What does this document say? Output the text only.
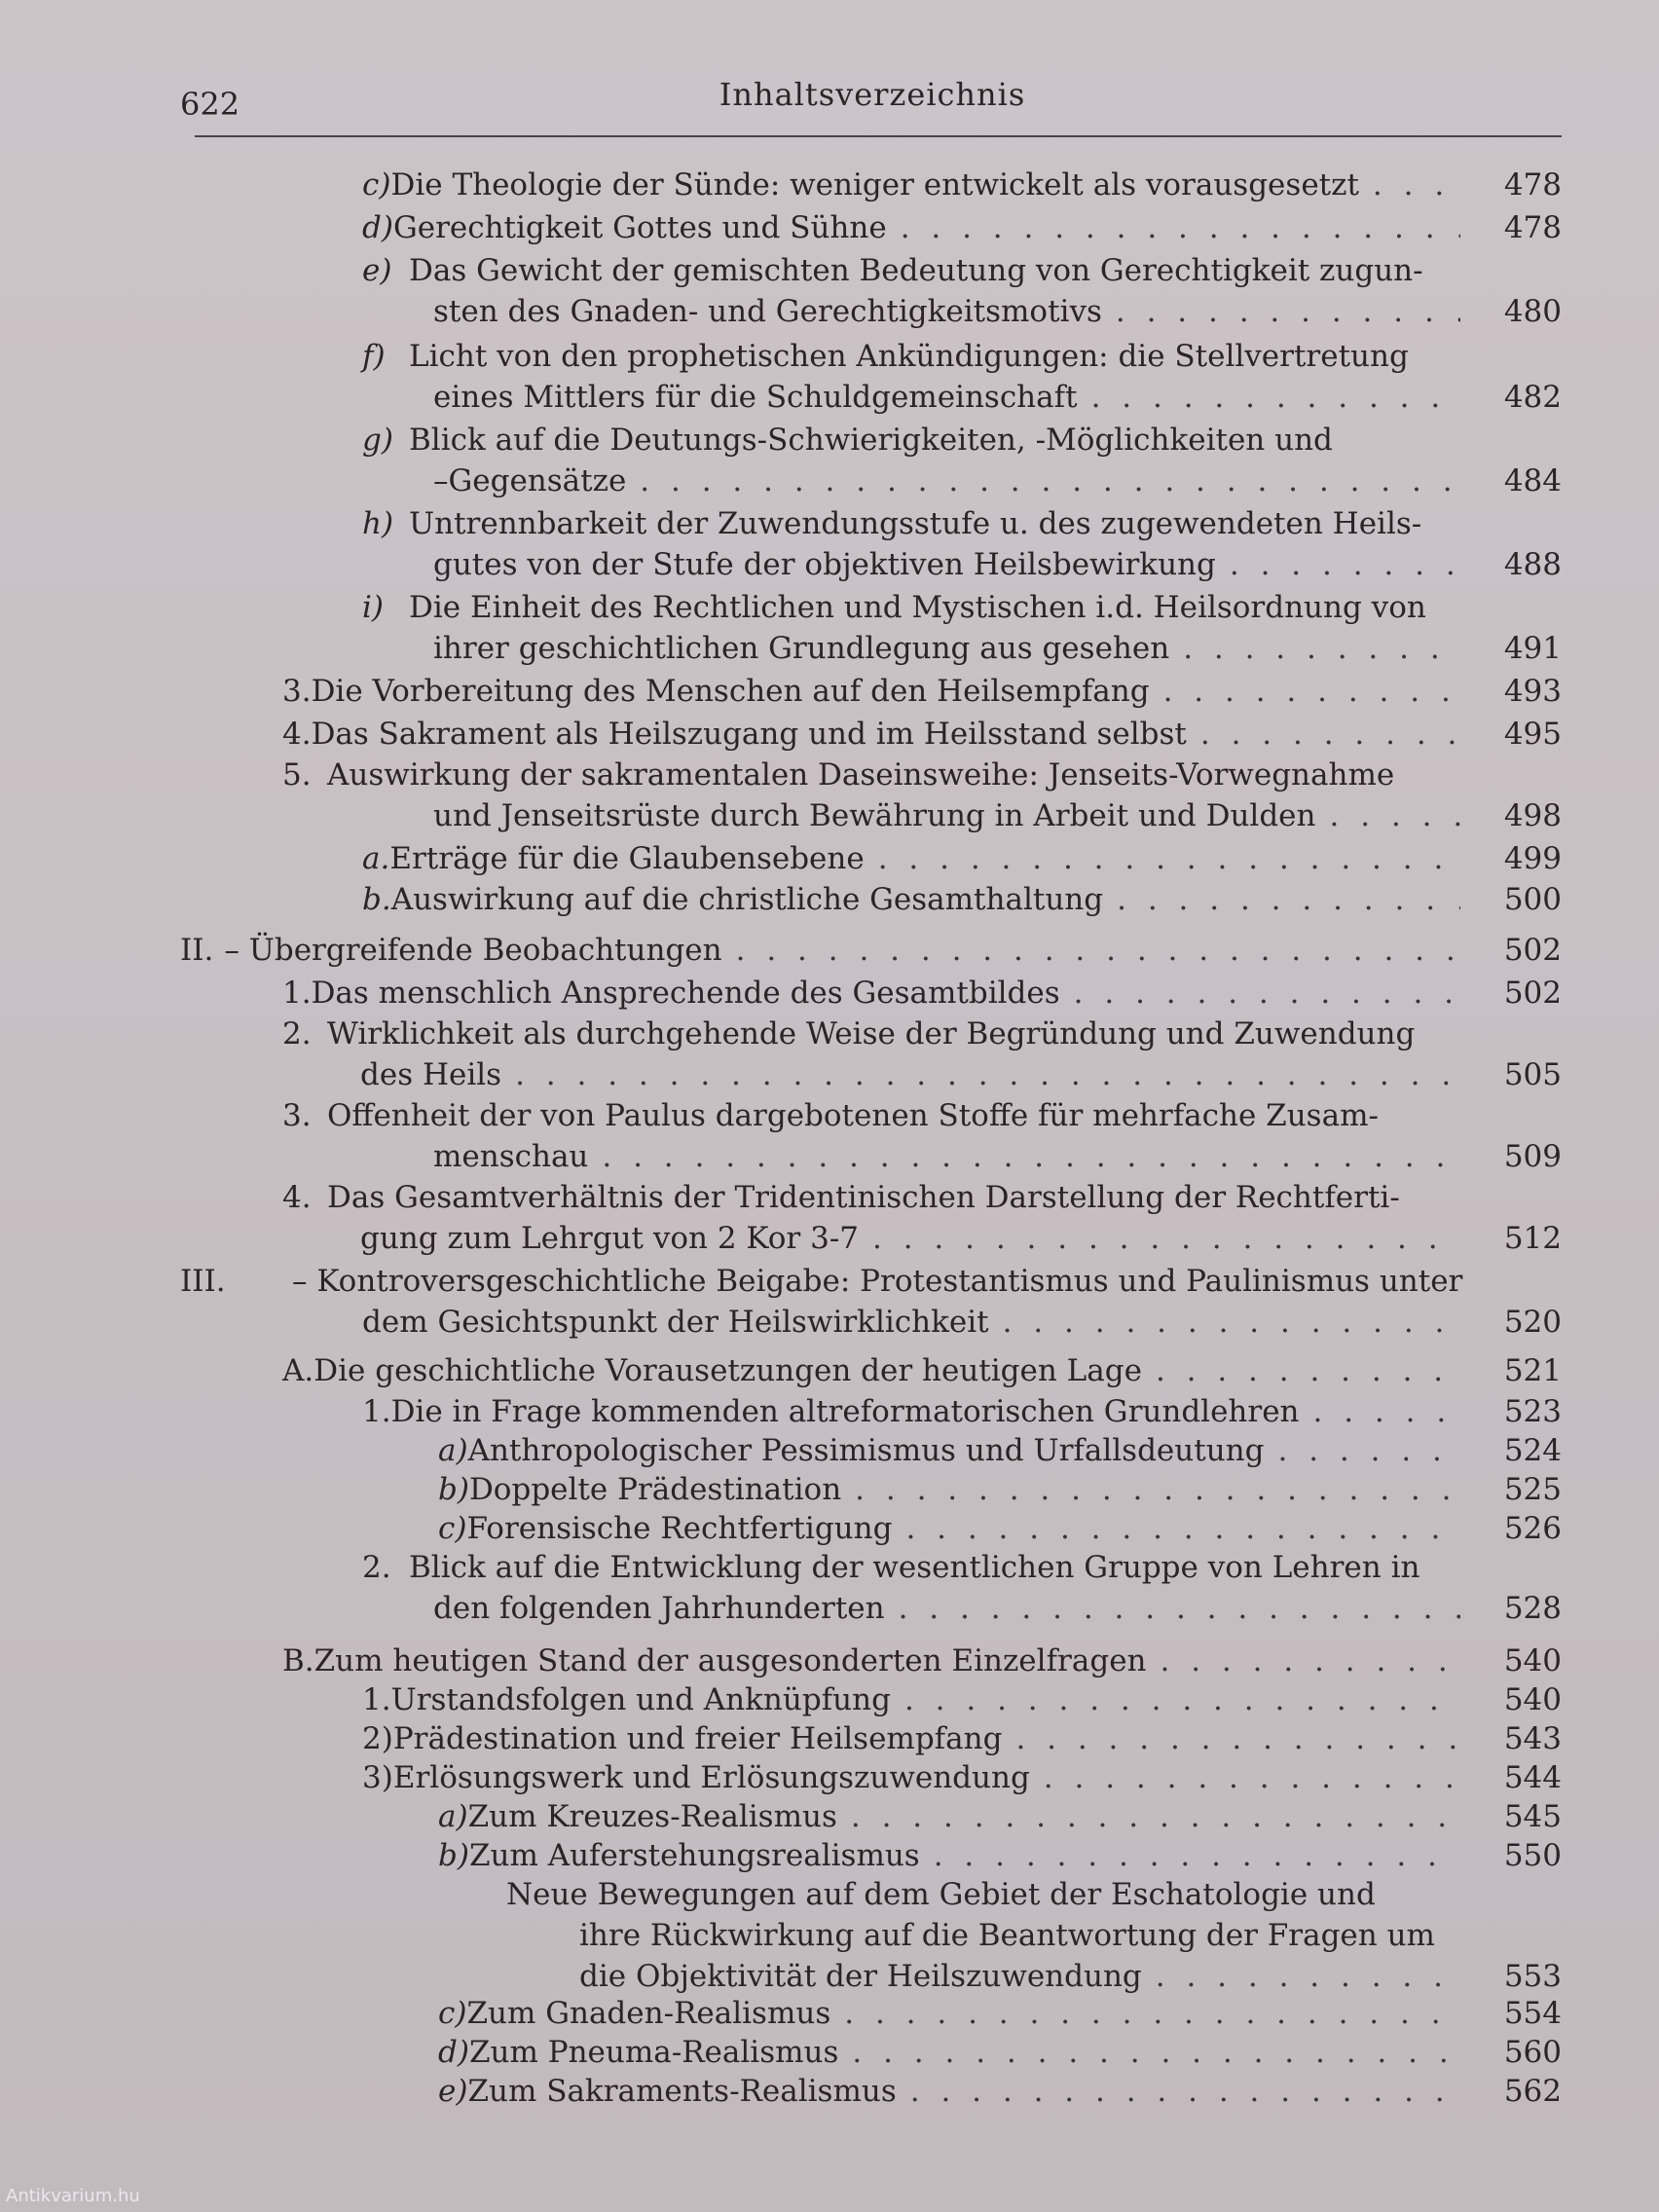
622	Inhaltsverzeichnis
478
c) Die Theologie der Sünde: weniger entwickelt als vorausgesetzt
. . .
478
d) Gerechtigkeit Gottes und Sühne
. . .
e) Das Gewicht der gemischten Bedeutung von Gerechtigkeit zugun-
480
sten des Gnaden- und Gerechtigkeitsmotivs
. . .
f) Licht von den prophetischen Ankündigungen: die Stellvertretung
482
eines Mittlers für die Schuldgemeinschaft
. . .
g) Blick auf die Deutungs-Schwierigkeiten, -Möglichkeiten und
484
–Gegensätze
. . .
h) Untrennbarkeit der Zuwendungsstufe u. des zugewendeten Heils-
488
gutes von der Stufe der objektiven Heilsbewirkung
. . .
i) Die Einheit des Rechtlichen und Mystischen i.d. Heilsordnung von
491
ihrer geschichtlichen Grundlegung aus gesehen
. . .
493
3. Die Vorbereitung des Menschen auf den Heilsempfang
. . .
495
4. Das Sakrament als Heilszugang und im Heilsstand selbst
. . .
5. Auswirkung der sakramentalen Daseinsweihe: Jenseits-Vorwegnahme
498
und Jenseitsrüste durch Bewährung in Arbeit und Dulden
. . .
499
a. Erträge für die Glaubensebene
. . .
500
b. Auswirkung auf die christliche Gesamthaltung
. . .
502
II. – Übergreifende Beobachtungen
. . .
502
1. Das menschlich Ansprechende des Gesamtbildes
. . .
2. Wirklichkeit als durchgehende Weise der Begründung und Zuwendung
505
des Heils
. . .
3. Offenheit der von Paulus dargebotenen Stoffe für mehrfache Zusam-
509
menschau
. . .
4. Das Gesamtverhältnis der Tridentinischen Darstellung der Rechtferti-
512
gung zum Lehrgut von 2 Kor 3-7
. . .
III.	– Kontroversgeschichtliche Beigabe: Protestantismus und Paulinismus unter
520
dem Gesichtspunkt der Heilswirklichkeit
. . .
521
A. Die geschichtliche Vorausetzungen der heutigen Lage
. . .
523
1. Die in Frage kommenden altreformatorischen Grundlehren
. . .
524
a) Anthropologischer Pessimismus und Urfallsdeutung
. . .
525
b) Doppelte Prädestination
. . .
526
c) Forensische Rechtfertigung
. . .
2. Blick auf die Entwicklung der wesentlichen Gruppe von Lehren in
528
den folgenden Jahrhunderten
. . .
540
B. Zum heutigen Stand der ausgesonderten Einzelfragen
. . .
540
1. Urstandsfolgen und Anknüpfung
. . .
543
2) Prädestination und freier Heilsempfang
. . .
544
3) Erlösungswerk und Erlösungszuwendung
. . .
545
a) Zum Kreuzes-Realismus
. . .
550
b) Zum Auferstehungsrealismus
. . .
Neue Bewegungen auf dem Gebiet der Eschatologie und
ihre Rückwirkung auf die Beantwortung der Fragen um
553
die Objektivität der Heilszuwendung
. . .
554
c) Zum Gnaden-Realismus
. . .
560
d) Zum Pneuma-Realismus
. . .
562
e) Zum Sakraments-Realismus
. . .
Antikvarium.hu
